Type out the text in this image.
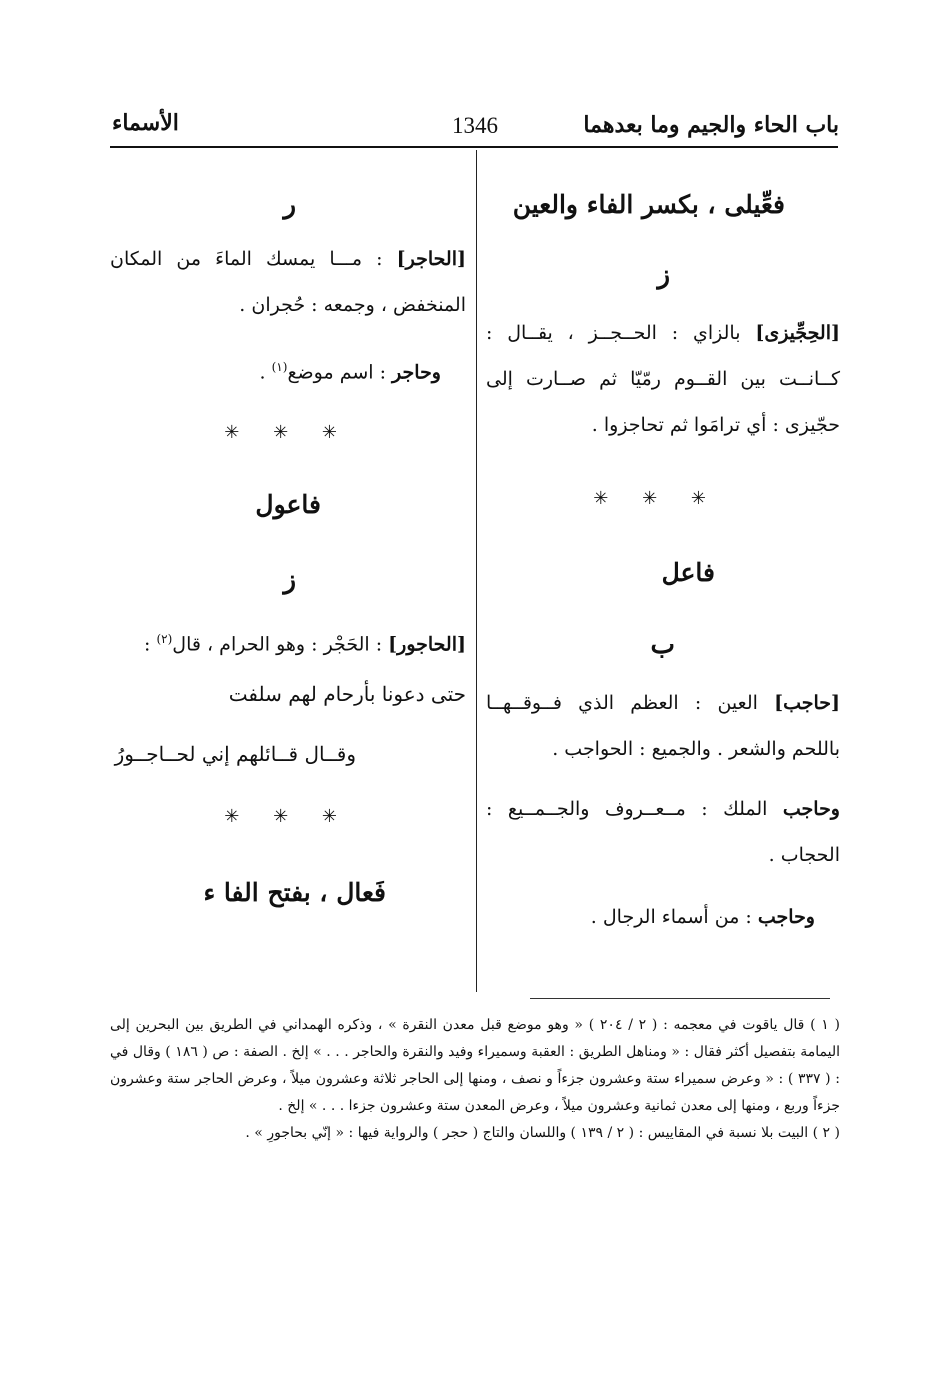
باب الحاء والجيم وما بعدهما
1346
الأسماء
فعِّيلى ، بكسر الفاء والعين
ز
[الحِجِّيزى] بالزاي : الحــجــز ، يقــال : كــانــت بين القــوم رمّيّا ثم صــارت إلى حجّيزى : أي ترامَوا ثم تحاجزوا .
✳ ✳ ✳
فاعل
ب
[حاجب] العين : العظم الذي فــوقــهــا باللحم والشعر . والجميع : الحواجب .
وحاجب الملك : مــعــروف والجــمــيع : الحجاب .
وحاجب : من أسماء الرجال .
ر
[الحاجر] : مـــا يمسك الماءَ من المكان المنخفض ، وجمعه : حُجران .
وحاجر : اسم موضع$^{(١)}$ .
✳ ✳ ✳
فاعول
ز
[الحاجور] : الحَجْر : وهو الحرام ، قال$^{(٢)}$ :
حتى دعونا بأرحام لهم سلفت
وقــال قــائلهم إني لحــاجــورُ
✳ ✳ ✳
فَعال ، بفتح الفا ء

( ١ ) قال ياقوت في معجمه : ( ٢ / ٢٠٤ ) « وهو موضع قبل معدن النقرة » ، وذكره الهمداني في الطريق بين البحرين إلى اليمامة بتفصيل أكثر فقال : « ومناهل الطريق : العقبة وسميراء وفيد والنقرة والحاجر . . . » إلخ . الصفة : ص ( ١٨٦ ) وقال في : ( ٣٣٧ ) : « وعرض سميراء ستة وعشرون جزءاً و نصف ، ومنها إلى الحاجر ثلاثة وعشرون ميلاً ، وعرض الحاجر ستة وعشرون جزءاً وربع ، ومنها إلى معدن ثمانية وعشرون ميلاً ، وعرض المعدن ستة وعشرون جزءا . . . » إلخ .

( ٢ ) البيت بلا نسبة في المقاييس : ( ٢ / ١٣٩ ) واللسان والتاج ( حجر ) والرواية فيها : « إنّي بحاجورِ » .
